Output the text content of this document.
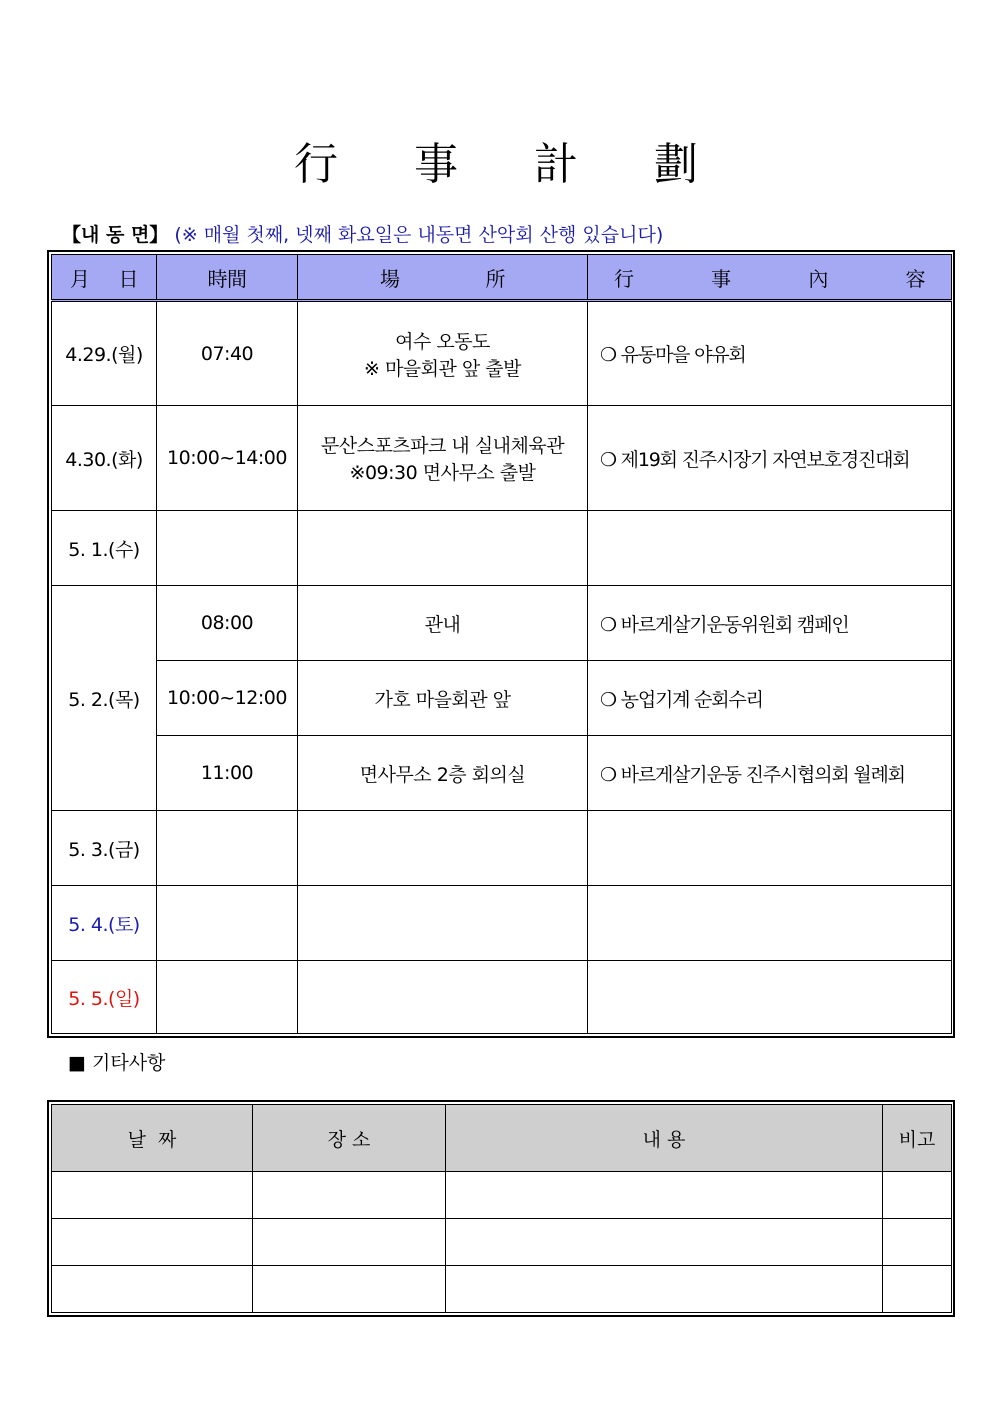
行 事 計 劃
【내 동 면】 (※ 매월 첫째, 넷째 화요일은 내동면 산악회 산행 있습니다)
月 日	時間	場 所	行 事 內 容

4.29.(월)	07:40	여수 오동도
※ 마을회관 앞 출발	❍ 유동마을 야유회
4.30.(화)	10:00~14:00	문산스포츠파크 내 실내체육관
※09:30 면사무소 출발	❍ 제19회 진주시장기 자연보호경진대회
5. 1.(수)			
5. 2.(목)	08:00	관내	❍ 바르게살기운동위원회 캠페인
	10:00~12:00	가호 마을회관 앞	❍ 농업기계 순회수리
	11:00	면사무소 2층 회의실	❍ 바르게살기운동 진주시협의회 월례회
5. 3.(금)			
5. 4.(토)			
5. 5.(일)			
■ 기타사항
날  짜	장 소	내 용	비고
